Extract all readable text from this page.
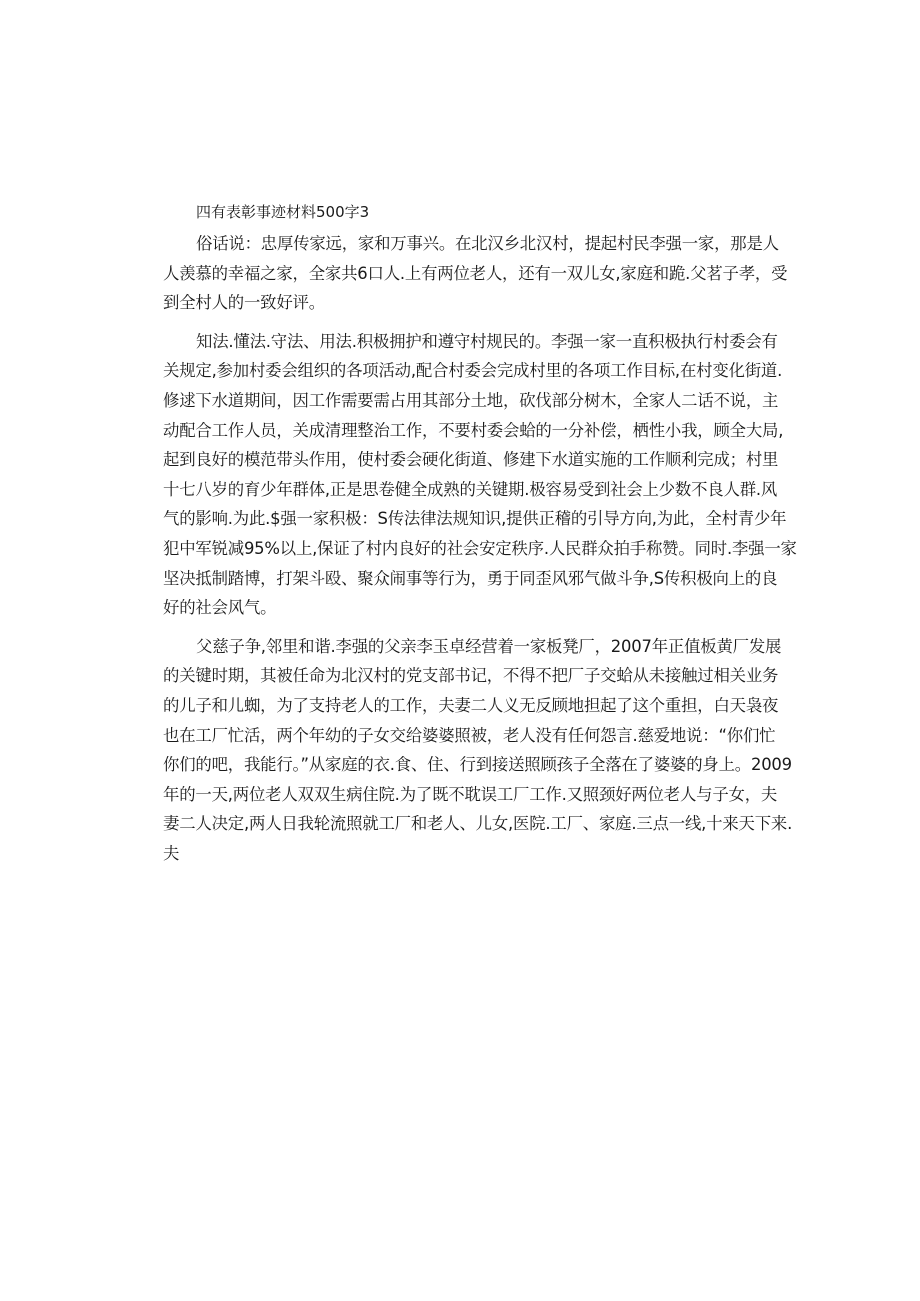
四有表彰事迹材料500字3

俗话说：忠厚传家远，家和万事兴。在北汉乡北汉村，提起村民李强一家，那是人
人羡慕的幸福之家，全家共6口人.上有两位老人，还有一双儿女,家庭和跪.父茗子孝，受
到全村人的一致好评。

知法.懂法.守法、用法.积极拥护和遵守村规民的。李强一家一直积极执行村委会有
关规定,参加村委会组织的各项活动,配合村委会完成村里的各项工作目标,在村变化街道.
修逑下水道期间，因工作需要需占用其部分土地，砍伐部分树木，全家人二话不说，主
动配合工作人员，关成清理整治工作，不要村委会蛤的一分补偿，栖性小我，顾全大局,
起到良好的模范带头作用，使村委会硬化街道、修建下水道实施的工作顺利完成；村里
十七八岁的育少年群体,正是思卷健全成熟的关键期.极容易受到社会上少数不良人群.风
气的影响.为此.$强一家积极：S传法律法规知识,提供正稽的引导方向,为此，全村青少年
犯中军锐减95%以上,保证了村内良好的社会安定秩序.人民群众拍手称赞。同时.李强一家
坚决抵制踏博，打架斗殴、聚众闹事等行为，勇于同歪风邪气做斗争,S传积极向上的良
好的社会风气。

父慈子争,邻里和谐.李强的父亲李玉卓经营着一家板凳厂，2007年正值板黄厂发展
的关键时期，其被任命为北汉村的党支部书记，不得不把厂子交蛤从未接触过相关业务
的儿子和儿蜘，为了支持老人的工作，夫妻二人义无反顾地担起了这个重担，白天袅夜
也在工厂忙活，两个年幼的子女交给婆婆照被，老人没有任何怨言.慈爱地说：“你们忙
你们的吧，我能行。”从家庭的衣.食、住、行到接送照顾孩子全落在了婆婆的身上。2009
年的一天,两位老人双双生病住院.为了既不耽误工厂工作.又照颈好两位老人与子女，夫
妻二人决定,两人日我轮流照就工厂和老人、儿女,医院.工厂、家庭.三点一线,十来天下来.
夫
